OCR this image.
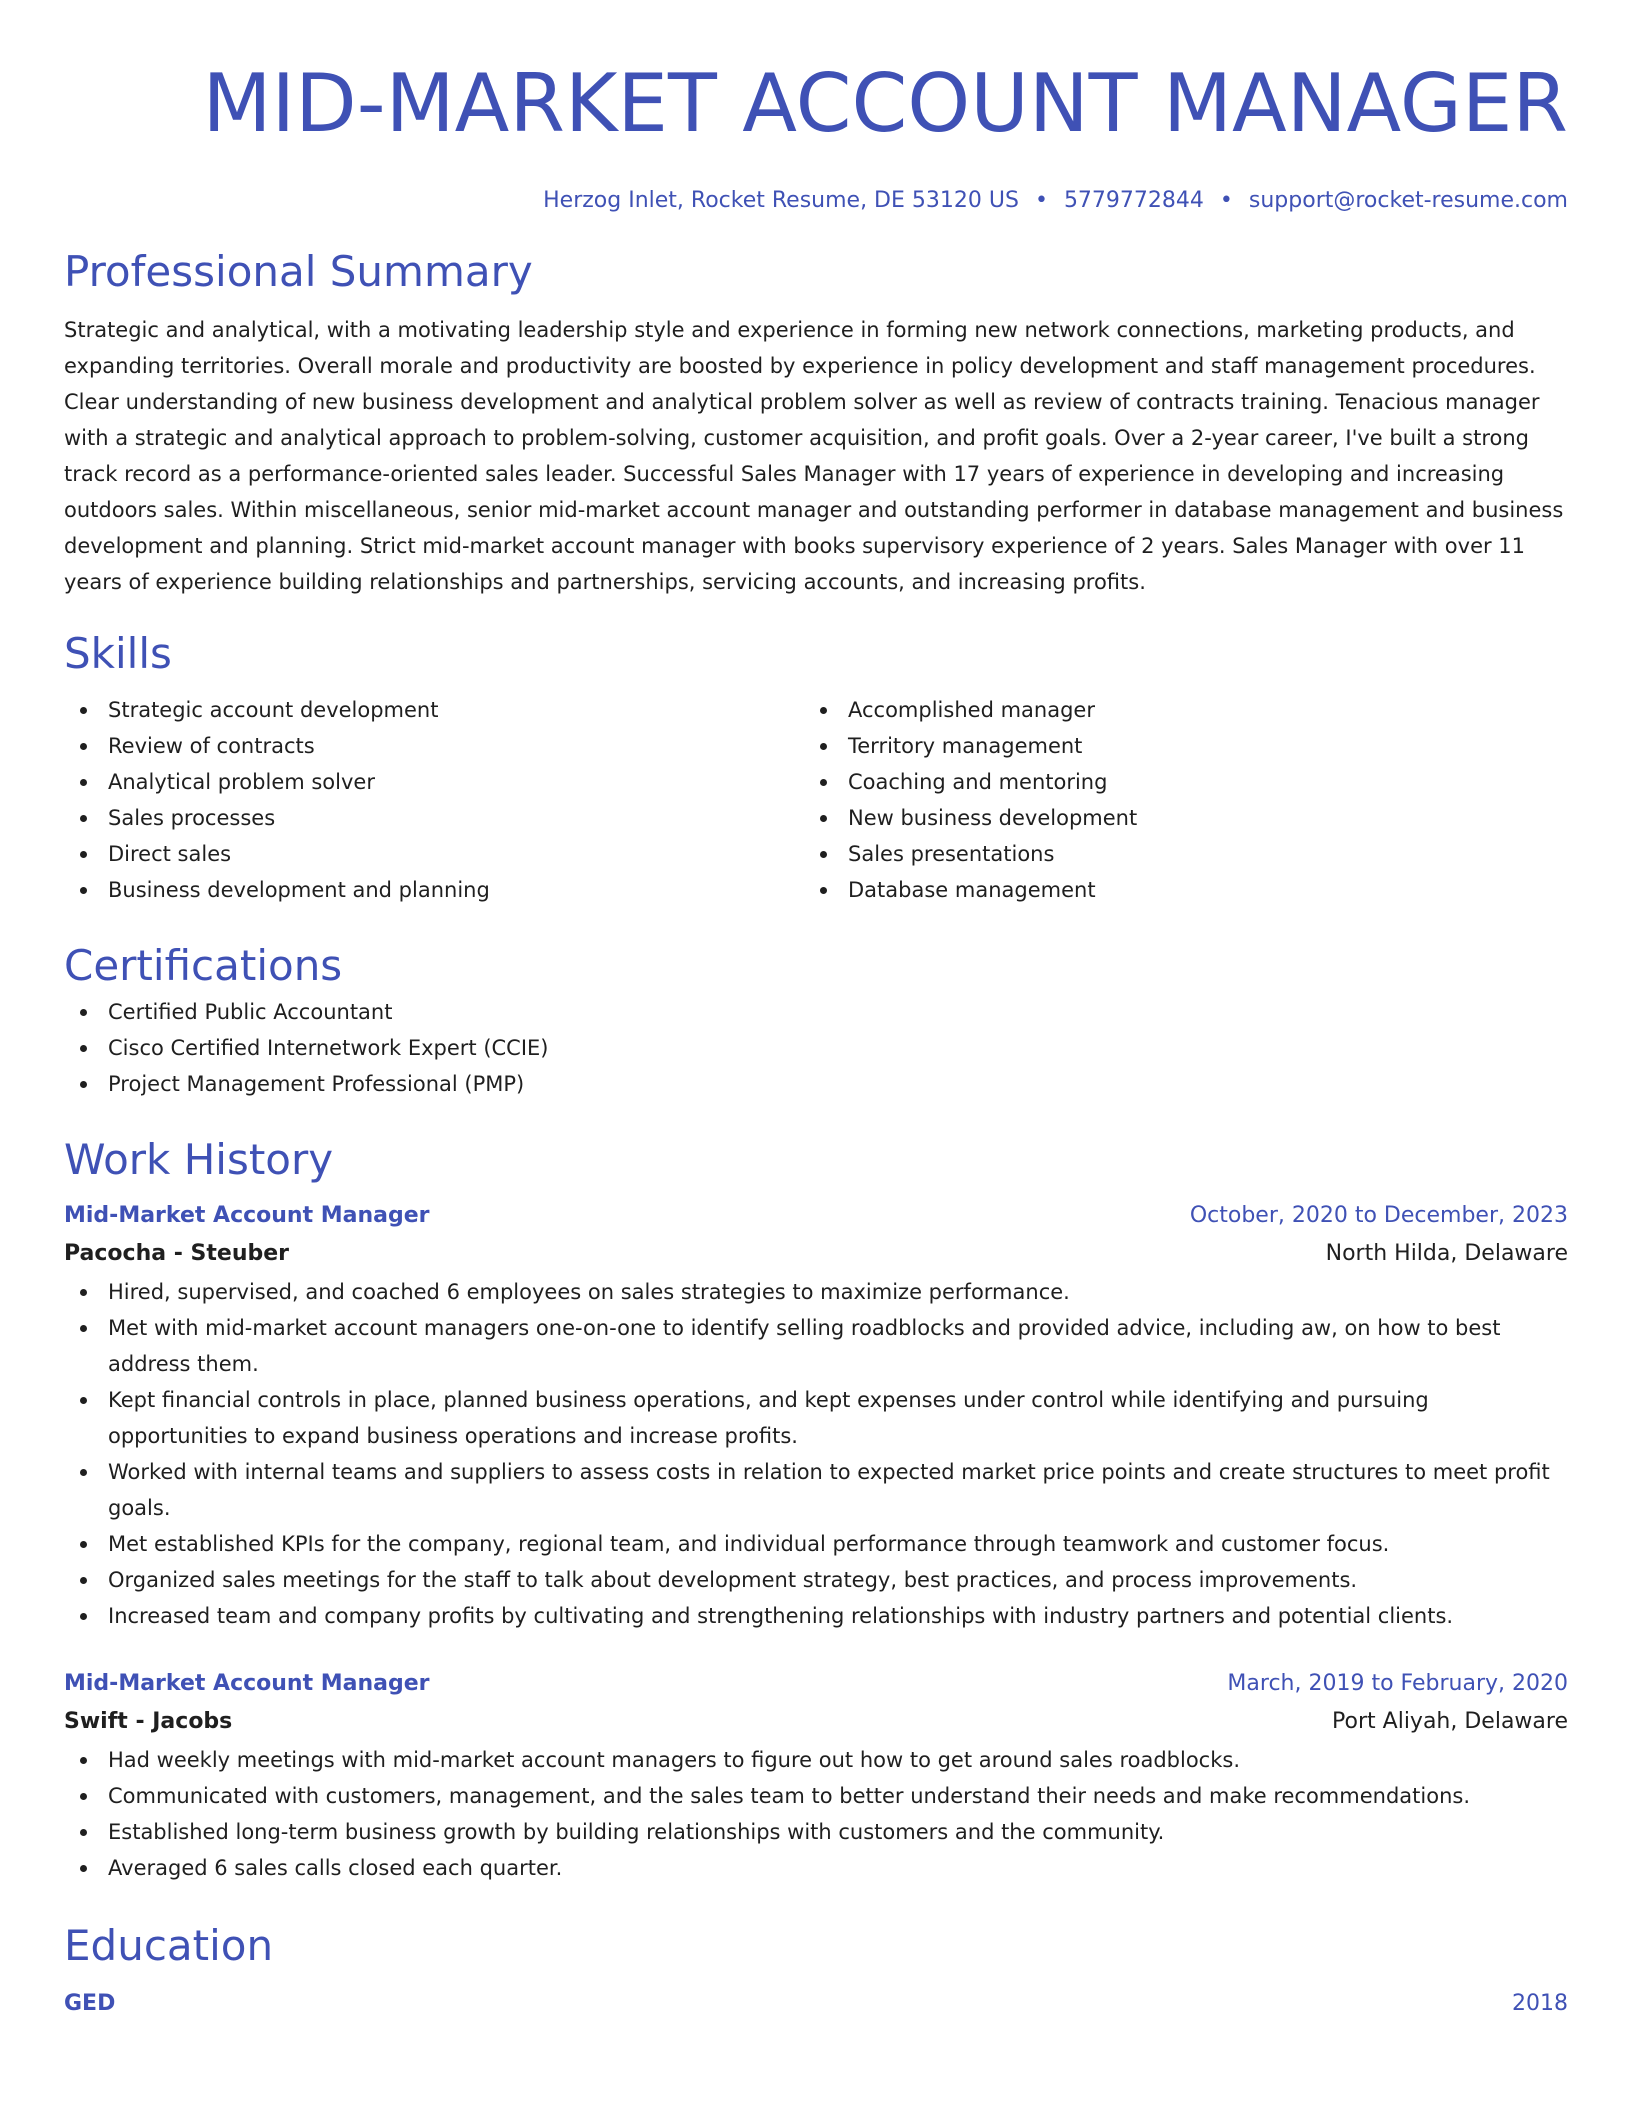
MID-MARKET ACCOUNT MANAGER
Herzog Inlet, Rocket Resume, DE 53120 US • 5779772844 • support@rocket-resume.com
Professional Summary
Strategic and analytical, with a motivating leadership style and experience in forming new network connections, marketing products, and expanding territories. Overall morale and productivity are boosted by experience in policy development and staff management procedures. Clear understanding of new business development and analytical problem solver as well as review of contracts training. Tenacious manager with a strategic and analytical approach to problem-solving, customer acquisition, and profit goals. Over a 2-year career, I've built a strong track record as a performance-oriented sales leader. Successful Sales Manager with 17 years of experience in developing and increasing outdoors sales. Within miscellaneous, senior mid-market account manager and outstanding performer in database management and business development and planning. Strict mid-market account manager with books supervisory experience of 2 years. Sales Manager with over 11 years of experience building relationships and partnerships, servicing accounts, and increasing profits.
Skills
Strategic account development
Review of contracts
Analytical problem solver
Sales processes
Direct sales
Business development and planning
Accomplished manager
Territory management
Coaching and mentoring
New business development
Sales presentations
Database management
Certifications
Certified Public Accountant
Cisco Certified Internetwork Expert (CCIE)
Project Management Professional (PMP)
Work History
Mid-Market Account Manager	October, 2020 to December, 2023
Pacocha - Steuber	North Hilda, Delaware
Hired, supervised, and coached 6 employees on sales strategies to maximize performance.
Met with mid-market account managers one-on-one to identify selling roadblocks and provided advice, including aw, on how to best address them.
Kept financial controls in place, planned business operations, and kept expenses under control while identifying and pursuing opportunities to expand business operations and increase profits.
Worked with internal teams and suppliers to assess costs in relation to expected market price points and create structures to meet profit goals.
Met established KPIs for the company, regional team, and individual performance through teamwork and customer focus.
Organized sales meetings for the staff to talk about development strategy, best practices, and process improvements.
Increased team and company profits by cultivating and strengthening relationships with industry partners and potential clients.
Mid-Market Account Manager	March, 2019 to February, 2020
Swift - Jacobs	Port Aliyah, Delaware
Had weekly meetings with mid-market account managers to figure out how to get around sales roadblocks.
Communicated with customers, management, and the sales team to better understand their needs and make recommendations.
Established long-term business growth by building relationships with customers and the community.
Averaged 6 sales calls closed each quarter.
Education
GED	2018
